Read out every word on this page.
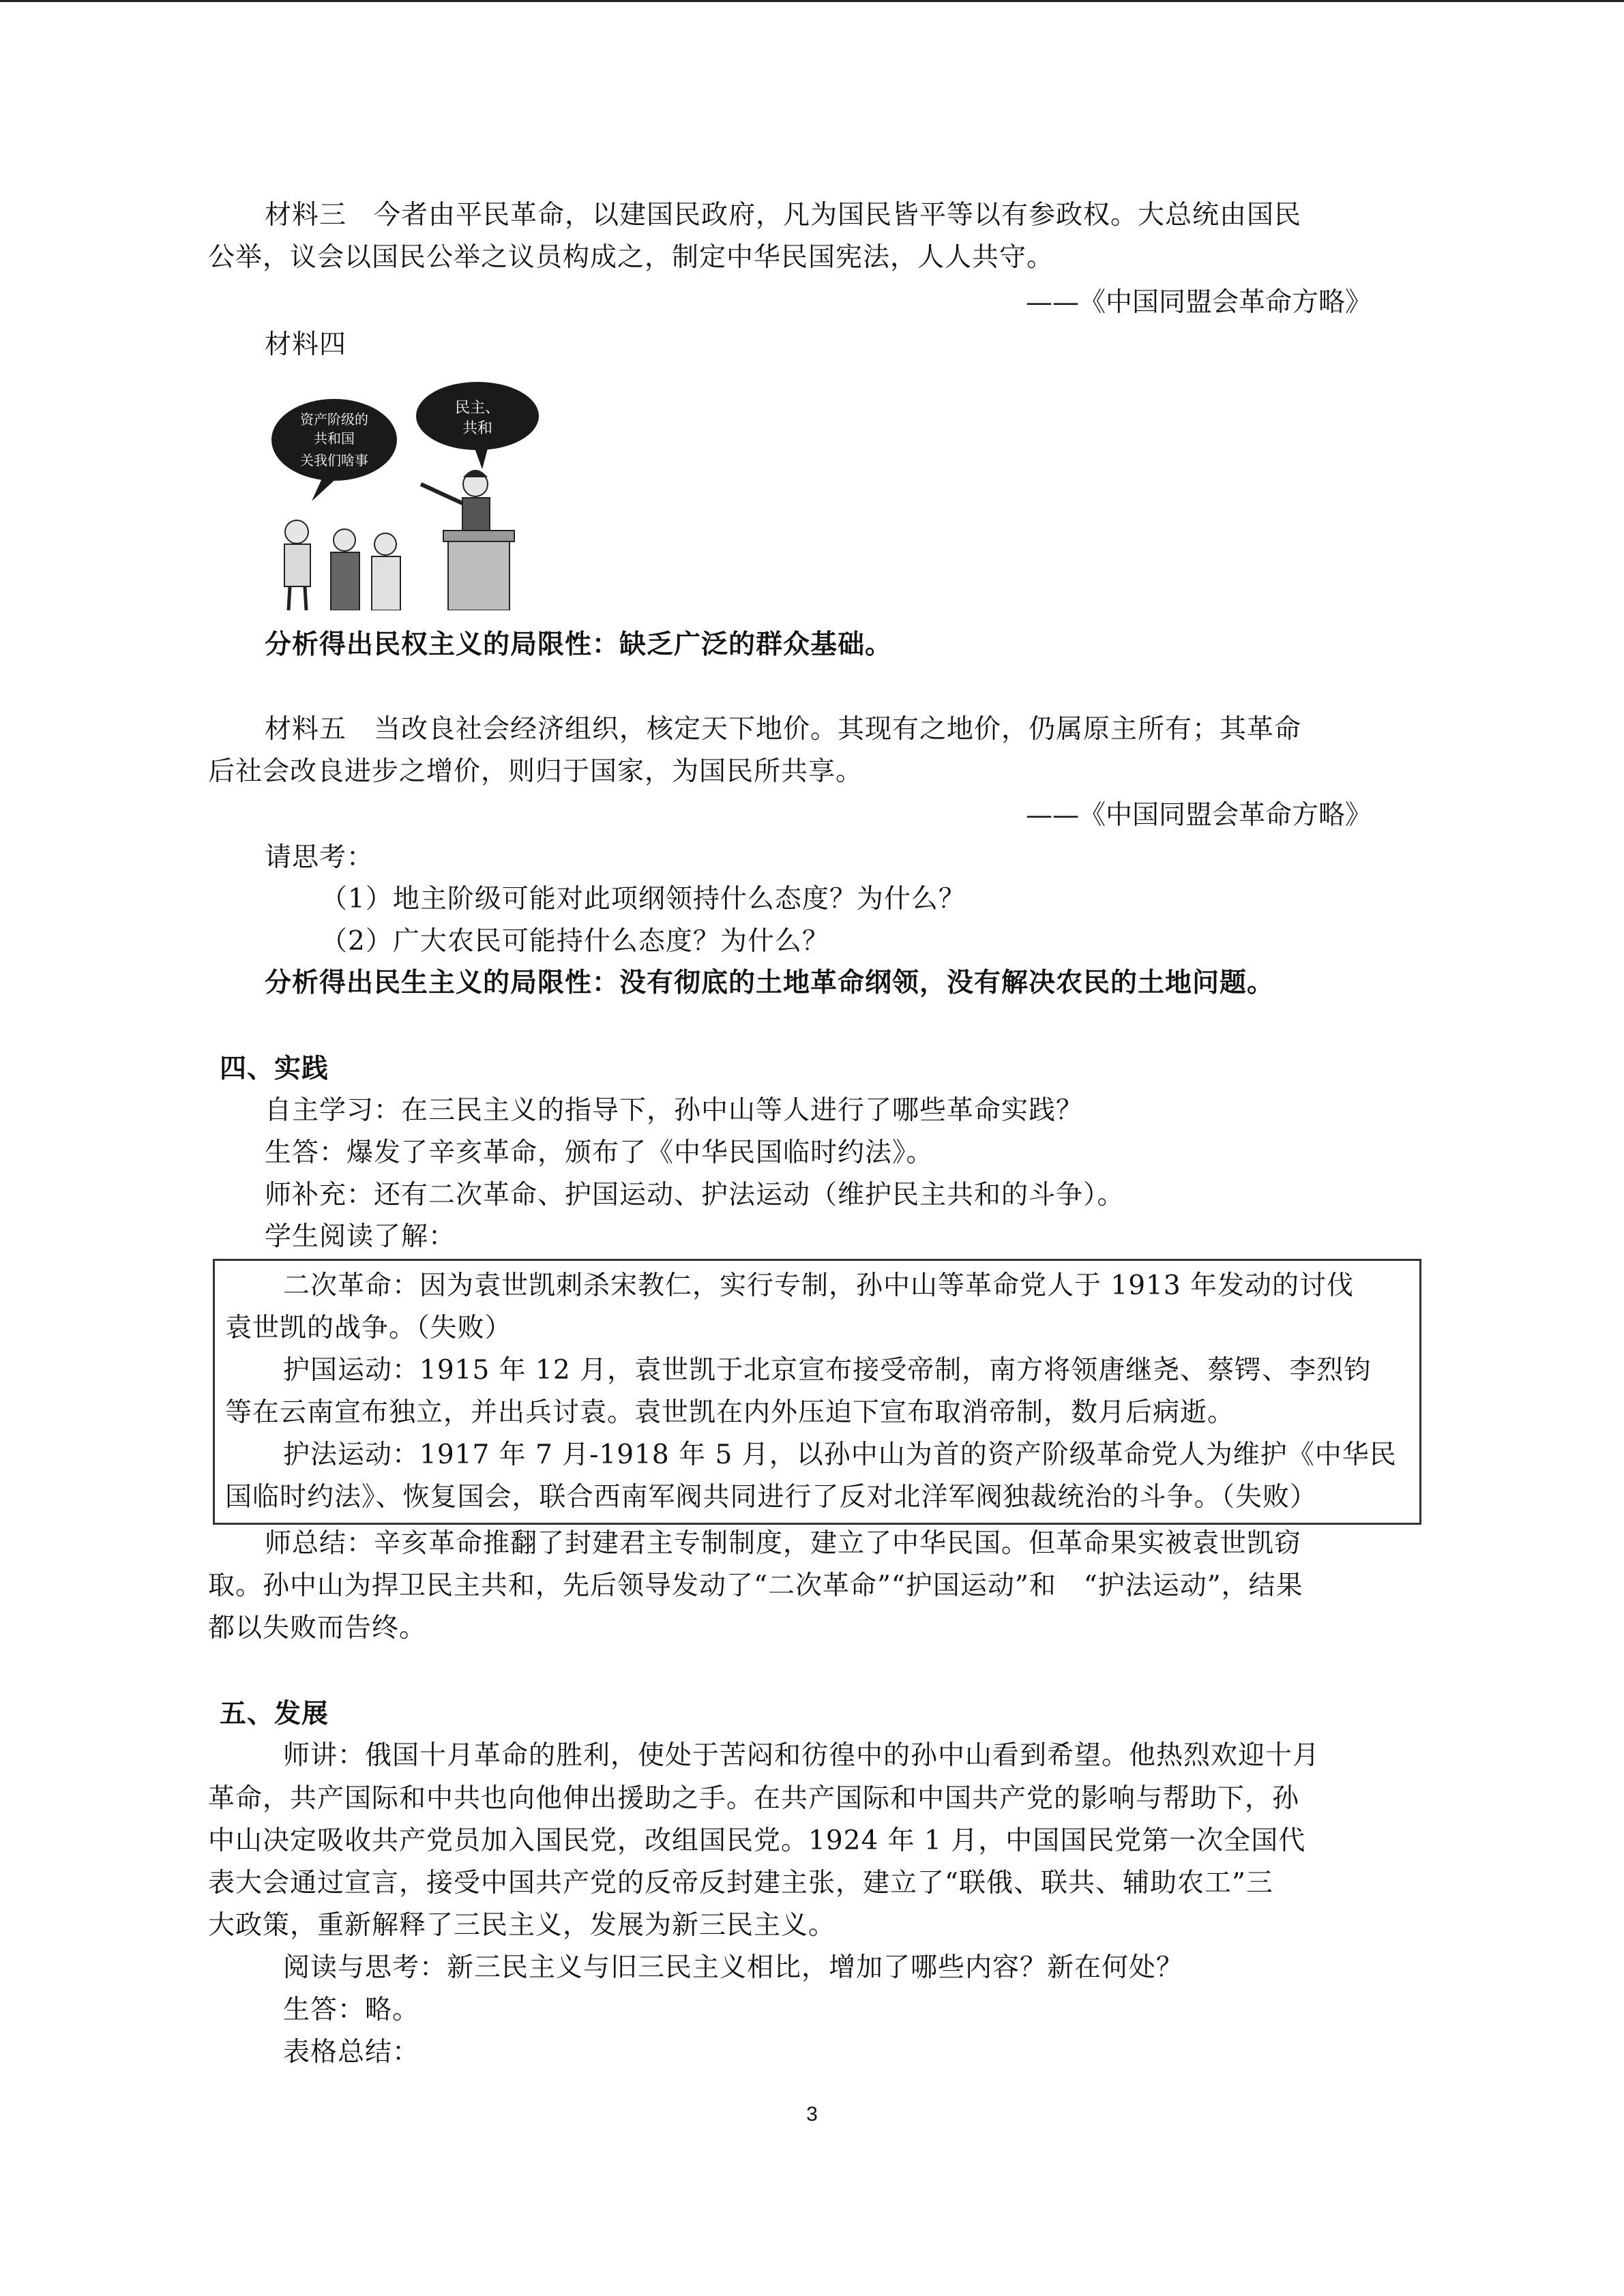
材料三　今者由平民革命，以建国民政府，凡为国民皆平等以有参政权。大总统由国民
公举，议会以国民公举之议员构成之，制定中华民国宪法，人人共守。
——《中国同盟会革命方略》
材料四
资产阶级的
共和国
关我们啥事
民主、
共和
分析得出民权主义的局限性：缺乏广泛的群众基础。
材料五　当改良社会经济组织，核定天下地价。其现有之地价，仍属原主所有；其革命
后社会改良进步之增价，则归于国家，为国民所共享。
——《中国同盟会革命方略》
请思考：
（1）地主阶级可能对此项纲领持什么态度？为什么？
（2）广大农民可能持什么态度？为什么？
分析得出民生主义的局限性：没有彻底的土地革命纲领，没有解决农民的土地问题。
四、实践
自主学习：在三民主义的指导下，孙中山等人进行了哪些革命实践？
生答：爆发了辛亥革命，颁布了《中华民国临时约法》。
师补充：还有二次革命、护国运动、护法运动（维护民主共和的斗争）。
学生阅读了解：
二次革命：因为袁世凯刺杀宋教仁，实行专制，孙中山等革命党人于 1913 年发动的讨伐
袁世凯的战争。（失败）
护国运动：1915 年 12 月，袁世凯于北京宣布接受帝制，南方将领唐继尧、蔡锷、李烈钧
等在云南宣布独立，并出兵讨袁。袁世凯在内外压迫下宣布取消帝制，数月后病逝。
护法运动：1917 年 7 月-1918 年 5 月，以孙中山为首的资产阶级革命党人为维护《中华民
国临时约法》、恢复国会，联合西南军阀共同进行了反对北洋军阀独裁统治的斗争。（失败）
师总结：辛亥革命推翻了封建君主专制制度，建立了中华民国。但革命果实被袁世凯窃
取。孙中山为捍卫民主共和，先后领导发动了“二次革命”“护国运动”和　“护法运动”，结果
都以失败而告终。
五、发展
师讲：俄国十月革命的胜利，使处于苦闷和彷徨中的孙中山看到希望。他热烈欢迎十月
革命，共产国际和中共也向他伸出援助之手。在共产国际和中国共产党的影响与帮助下，孙
中山决定吸收共产党员加入国民党，改组国民党。1924 年 1 月，中国国民党第一次全国代
表大会通过宣言，接受中国共产党的反帝反封建主张，建立了“联俄、联共、辅助农工”三
大政策，重新解释了三民主义，发展为新三民主义。
阅读与思考：新三民主义与旧三民主义相比，增加了哪些内容？新在何处？
生答：略。
表格总结：
3
